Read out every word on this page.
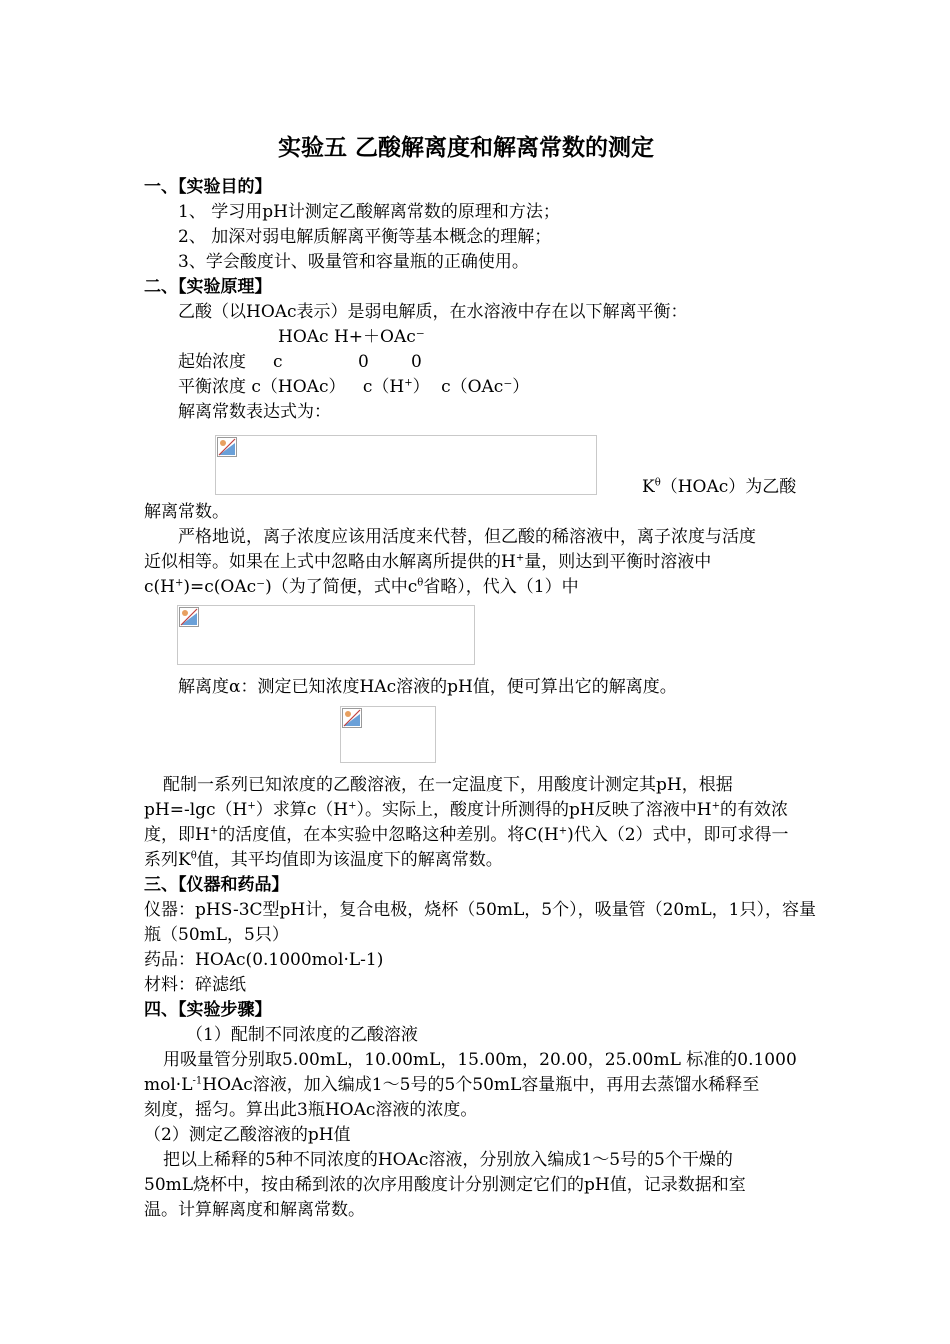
实验五 乙酸解离度和解离常数的测定
一、【实验目的】
1、 学习用pH计测定乙酸解离常数的原理和方法；
2、 加深对弱电解质解离平衡等基本概念的理解；
3、学会酸度计、吸量管和容量瓶的正确使用。
二、【实验原理】
乙酸（以HOAc表示）是弱电解质，在水溶液中存在以下解离平衡：
HOAc H+＋OAc⁻
起始浓度 c	0 0
平衡浓度 c（HOAc） c（H+） c（OAc⁻）
解离常数表达式为：
$K^\theta(HOAc)$为乙酸
解离常数。
严格地说，离子浓度应该用活度来代替，但乙酸的稀溶液中，离子浓度与活度
近似相等。如果在上式中忽略由水解离所提供的H+量，则达到平衡时溶液中
c(H+)=c(OAc⁻)（为了简便，式中$c^\theta$省略），代入（1）中
解离度α：测定已知浓度HAc溶液的pH值，便可算出它的解离度。
配制一系列已知浓度的乙酸溶液，在一定温度下，用酸度计测定其pH，根据
pH=-lgc（H+）求算c（H+）。实际上，酸度计所测得的pH反映了溶液中H+的有效浓
度，即H+的活度值，在本实验中忽略这种差别。将C(H+)代入（2）式中，即可求得一
系列$K^\theta$值，其平均值即为该温度下的解离常数。
三、【仪器和药品】
仪器：pHS-3C型pH计，复合电极，烧杯（50mL，5个），吸量管（20mL，1只），容量
瓶（50mL，5只）
药品：HOAc(0.1000mol·L-1)
材料：碎滤纸
四、【实验步骤】
（1）配制不同浓度的乙酸溶液
用吸量管分别取5.00mL，10.00mL，15.00m，20.00，25.00mL 标准的0.1000
$mol\cdot L^{-1}HOAc$溶液，加入编成1～5号的5个50mL容量瓶中，再用去蒸馏水稀释至
刻度，摇匀。算出此3瓶HOAc溶液的浓度。
（2）测定乙酸溶液的pH值
把以上稀释的5种不同浓度的HOAc溶液，分别放入编成1～5号的5个干燥的
50mL烧杯中，按由稀到浓的次序用酸度计分别测定它们的pH值，记录数据和室
温。计算解离度和解离常数。
